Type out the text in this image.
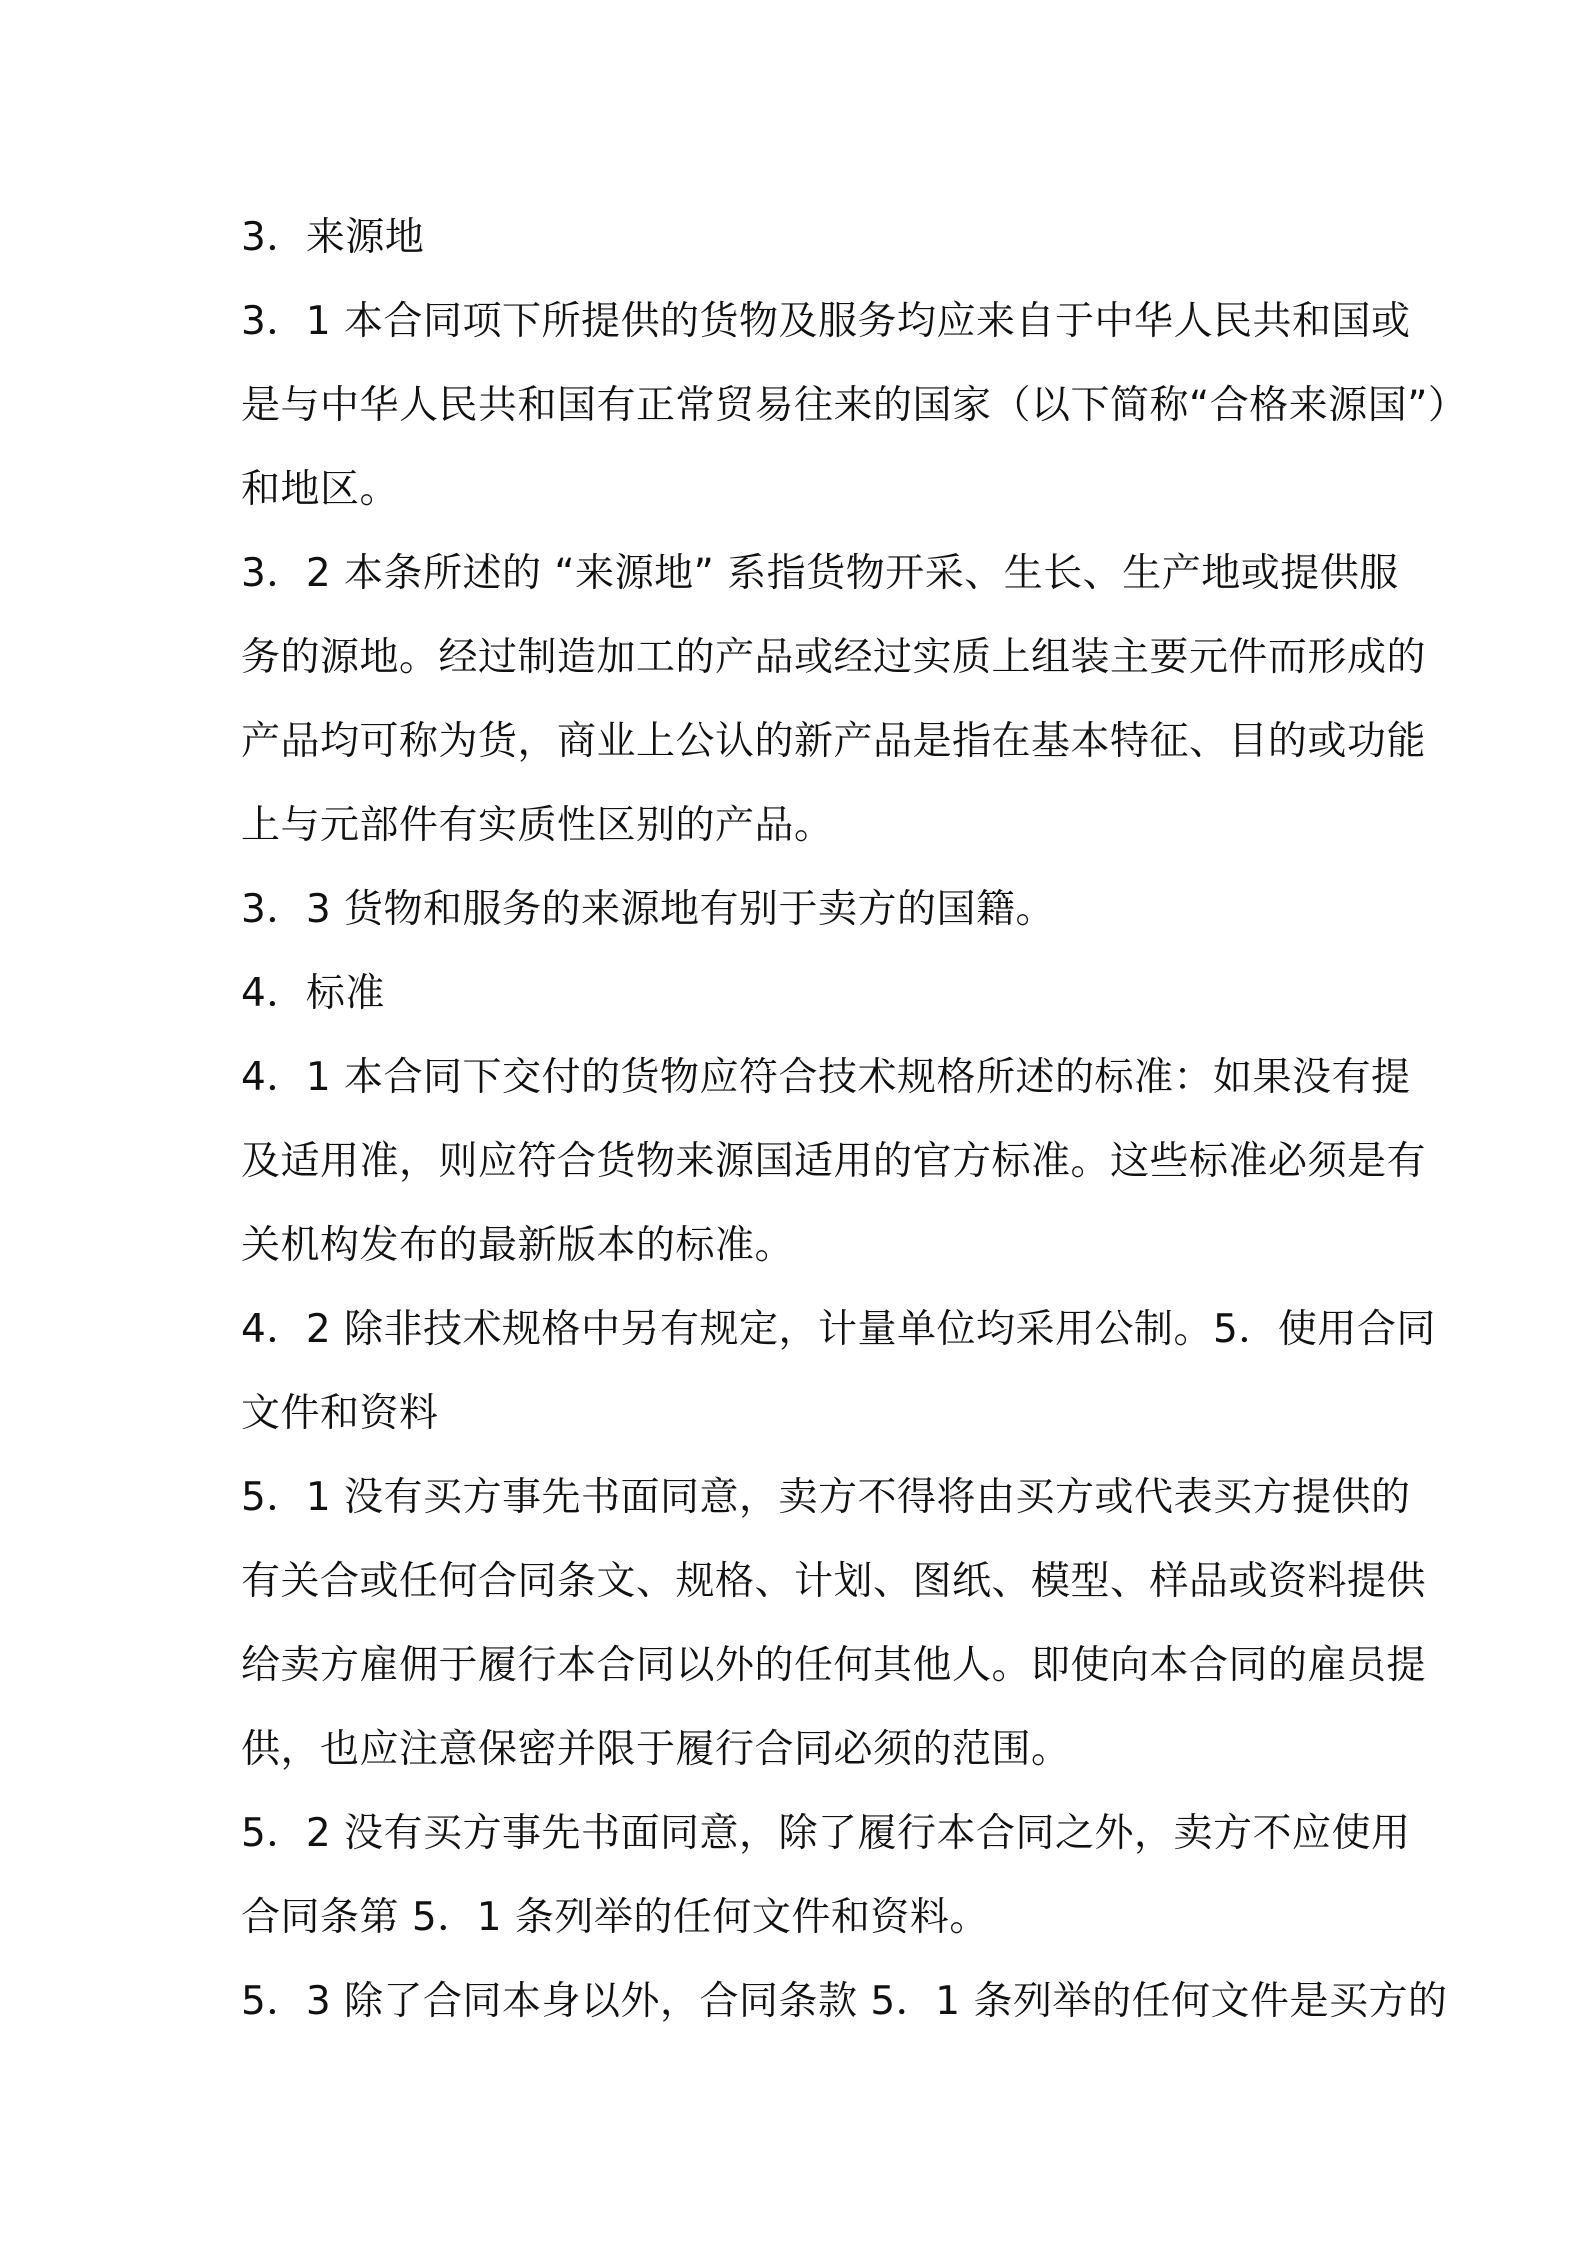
3．来源地
3．1 本合同项下所提供的货物及服务均应来自于中华人民共和国或
是与中华人民共和国有正常贸易往来的国家（以下简称“合格来源国”）
和地区。
3．2 本条所述的 “来源地” 系指货物开采、生长、生产地或提供服
务的源地。经过制造加工的产品或经过实质上组装主要元件而形成的
产品均可称为货，商业上公认的新产品是指在基本特征、目的或功能
上与元部件有实质性区别的产品。
3．3 货物和服务的来源地有别于卖方的国籍。
4．标准
4．1 本合同下交付的货物应符合技术规格所述的标准：如果没有提
及适用准，则应符合货物来源国适用的官方标准。这些标准必须是有
关机构发布的最新版本的标准。
4．2 除非技术规格中另有规定，计量单位均采用公制。5．使用合同
文件和资料
5．1 没有买方事先书面同意，卖方不得将由买方或代表买方提供的
有关合或任何合同条文、规格、计划、图纸、模型、样品或资料提供
给卖方雇佣于履行本合同以外的任何其他人。即使向本合同的雇员提
供，也应注意保密并限于履行合同必须的范围。
5．2 没有买方事先书面同意，除了履行本合同之外，卖方不应使用
合同条第 5．1 条列举的任何文件和资料。
5．3 除了合同本身以外，合同条款 5．1 条列举的任何文件是买方的
